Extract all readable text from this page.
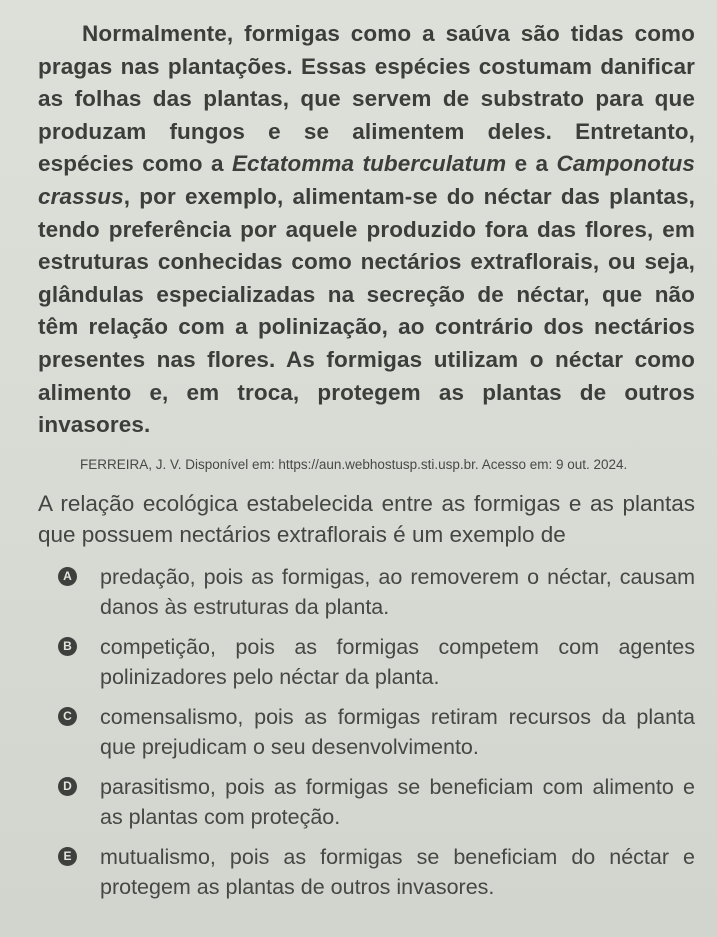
Normalmente, formigas como a saúva são tidas como pragas nas plantações. Essas espécies costumam danificar as folhas das plantas, que servem de substrato para que produzam fungos e se alimentem deles. Entretanto, espécies como a Ectatomma tuberculatum e a Camponotus crassus, por exemplo, alimentam-se do néctar das plantas, tendo preferência por aquele produzido fora das flores, em estruturas conhecidas como nectários extraflorais, ou seja, glândulas especializadas na secreção de néctar, que não têm relação com a polinização, ao contrário dos nectários presentes nas flores. As formigas utilizam o néctar como alimento e, em troca, protegem as plantas de outros invasores.

FERREIRA, J. V. Disponível em: https://aun.webhostusp.sti.usp.br. Acesso em: 9 out. 2024.

A relação ecológica estabelecida entre as formigas e as plantas que possuem nectários extraflorais é um exemplo de

A predação, pois as formigas, ao removerem o néctar, causam danos às estruturas da planta.
B competição, pois as formigas competem com agentes polinizadores pelo néctar da planta.
C comensalismo, pois as formigas retiram recursos da planta que prejudicam o seu desenvolvimento.
D parasitismo, pois as formigas se beneficiam com alimento e as plantas com proteção.
E mutualismo, pois as formigas se beneficiam do néctar e protegem as plantas de outros invasores.
